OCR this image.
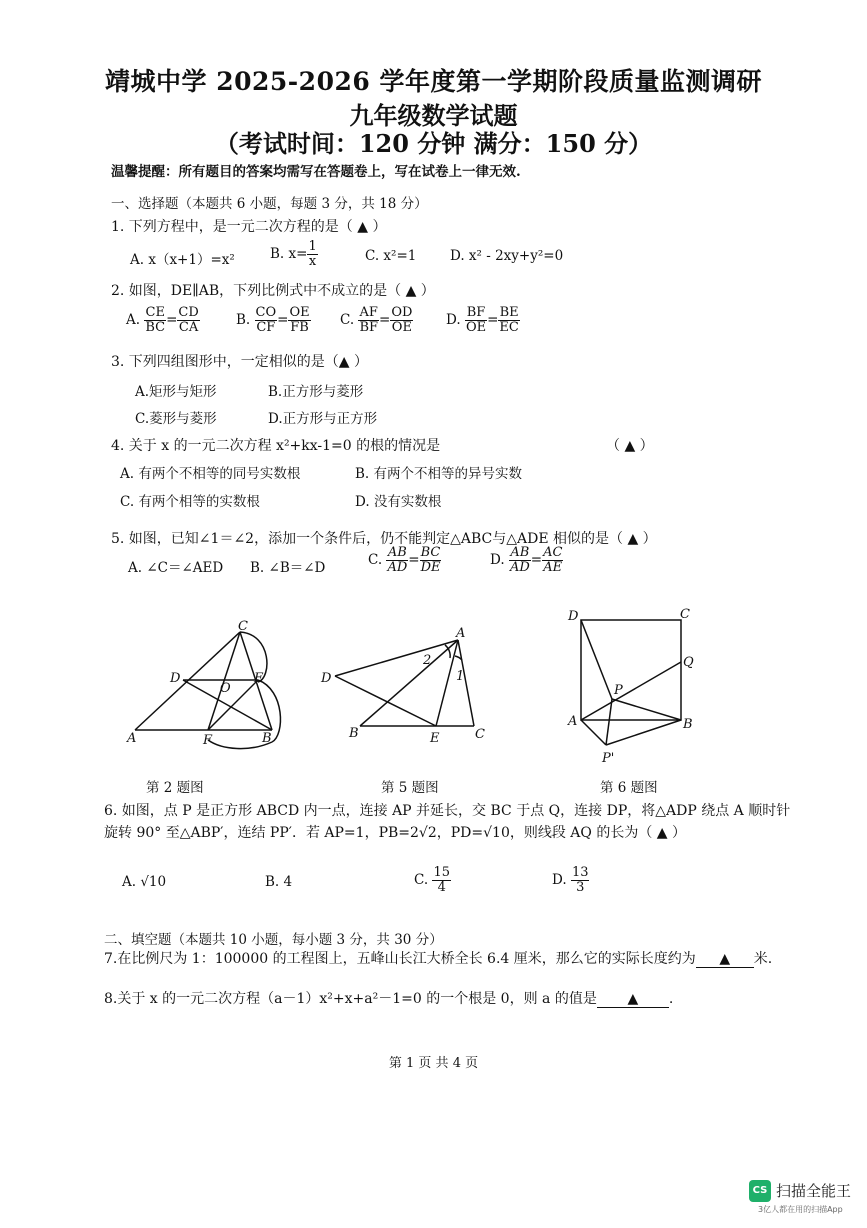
靖城中学 2025-2026 学年度第一学期阶段质量监测调研
九年级数学试题
（考试时间：120 分钟 满分：150 分）
温馨提醒：所有题目的答案均需写在答题卷上，写在试卷上一律无效.
一、选择题（本题共 6 小题，每题 3 分，共 18 分）
1. 下列方程中，是一元二次方程的是（ ▲ ）
A. x（x+1）=x²	B. $x= \frac{1}{x}$	C. x²=1 D. x² - 2xy+y²=0
2. 如图，DE∥AB，下列比例式中不成立的是（ ▲ ）
A. $\frac{CE}{BC} = \frac{CD}{CA}$	B. $\frac{CO}{CF} = \frac{OE}{FB} C$. $\frac{AF}{BF} = \frac{OD}{OE} D$. $\frac{BF}{OE} = \frac{BE}{EC}$
3. 下列四组图形中，一定相似的是（▲ ）
A.矩形与矩形	B.正方形与菱形
C.菱形与菱形	D.正方形与正方形
4. 关于 x 的一元二次方程 x²+kx-1=0 的根的情况是	（ ▲ ）
A. 有两个不相等的同号实数根	B. 有两个不相等的异号实数
C. 有两个相等的实数根	D. 没有实数根
5. 如图，已知∠1＝∠2，添加一个条件后，仍不能判定△ABC与△ADE 相似的是（ ▲ ）
A. ∠C＝∠AED B. ∠B＝∠D	C. $\frac{AB}{AD} = \frac{BC}{DE}$	D. $\frac{AB}{AD} = \frac{AC}{AE}$
C
D
O
E
A	F	B
A
D
2
1
B	E	C
D	C
Q
P
A	B
P'
第 2 题图	第 5 题图	第 6 题图
6. 如图，点 P 是正方形 ABCD 内一点，连接 AP 并延长，交 BC 于点 Q，连接 DP，将△ADP 绕点 A 顺时针
旋转 90° 至△ABP′，连结 PP′．若 AP=1，PB=2√2，PD=√10，则线段 AQ 的长为（ ▲ ）
A. √10	B. 4	C. $\frac{15}{4}$	D. $\frac{13}{3}$
二、填空题（本题共 10 小题，每小题 3 分，共 30 分）
7.在比例尺为 1：100000 的工程图上，五峰山长江大桥全长 6.4 厘米，那么它的实际长度约为 ▲ 米.
8.关于 x 的一元二次方程（a－1）x²+x+a²－1=0 的一个根是 0，则 a 的值是 ▲ .
第 1 页 共 4 页
CS 扫描全能王
3亿人都在用的扫描App
